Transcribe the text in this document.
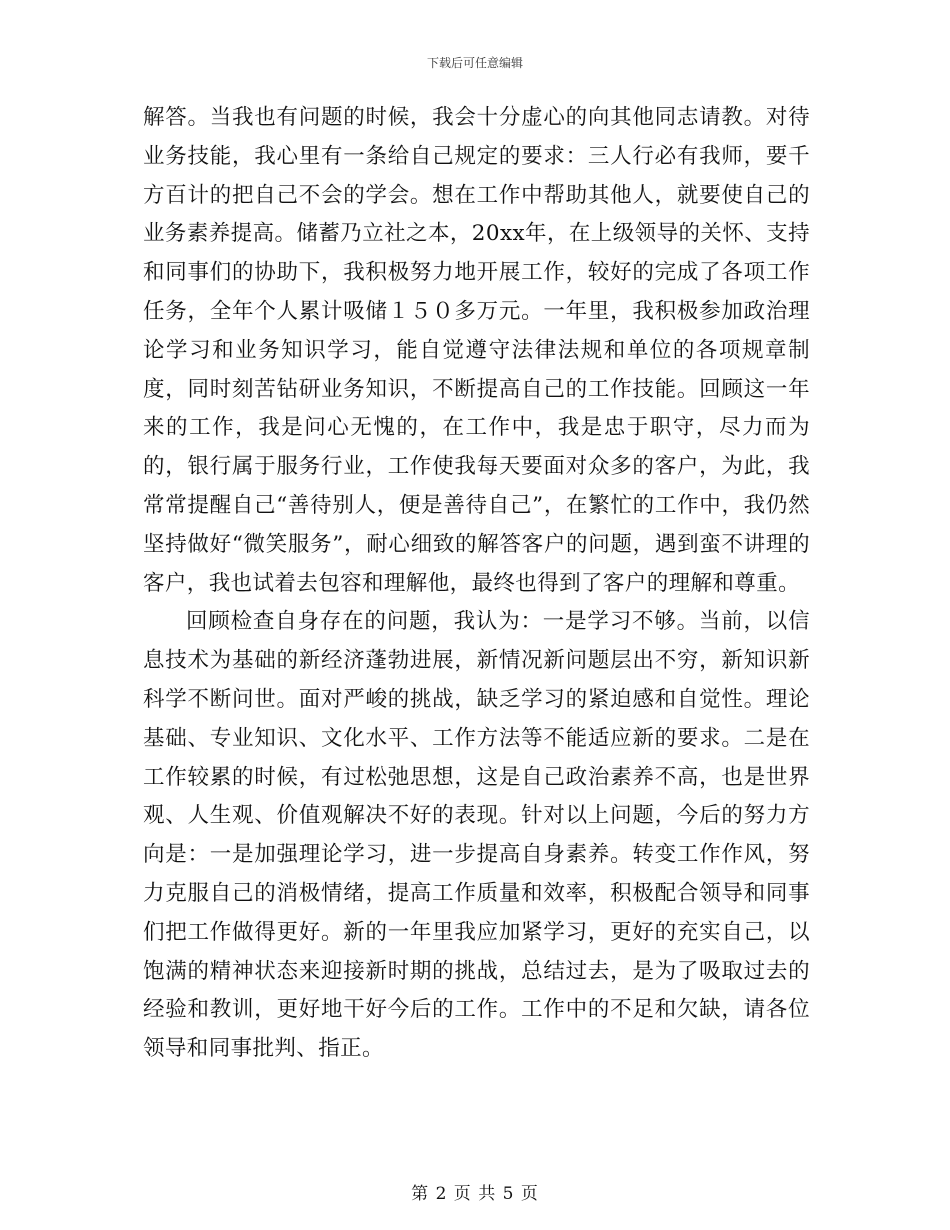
下载后可任意编辑

解答。当我也有问题的时候，我会十分虚心的向其他同志请教。对待业务技能，我心里有一条给自己规定的要求：三人行必有我师，要千方百计的把自己不会的学会。想在工作中帮助其他人，就要使自己的业务素养提高。储蓄乃立社之本，20xx年，在上级领导的关怀、支持和同事们的协助下，我积极努力地开展工作，较好的完成了各项工作任务，全年个人累计吸储１５０多万元。一年里，我积极参加政治理论学习和业务知识学习，能自觉遵守法律法规和单位的各项规章制度，同时刻苦钻研业务知识，不断提高自己的工作技能。回顾这一年来的工作，我是问心无愧的，在工作中，我是忠于职守，尽力而为的，银行属于服务行业，工作使我每天要面对众多的客户，为此，我常常提醒自己“善待别人，便是善待自己”，在繁忙的工作中，我仍然坚持做好“微笑服务”，耐心细致的解答客户的问题，遇到蛮不讲理的客户，我也试着去包容和理解他，最终也得到了客户的理解和尊重。

回顾检查自身存在的问题，我认为：一是学习不够。当前，以信息技术为基础的新经济蓬勃进展，新情况新问题层出不穷，新知识新科学不断问世。面对严峻的挑战，缺乏学习的紧迫感和自觉性。理论基础、专业知识、文化水平、工作方法等不能适应新的要求。二是在工作较累的时候，有过松弛思想，这是自己政治素养不高，也是世界观、人生观、价值观解决不好的表现。针对以上问题，今后的努力方向是：一是加强理论学习，进一步提高自身素养。转变工作作风，努力克服自己的消极情绪，提高工作质量和效率，积极配合领导和同事们把工作做得更好。新的一年里我应加紧学习，更好的充实自己，以饱满的精神状态来迎接新时期的挑战，总结过去，是为了吸取过去的经验和教训，更好地干好今后的工作。工作中的不足和欠缺，请各位领导和同事批判、指正。

第 2 页 共 5 页
